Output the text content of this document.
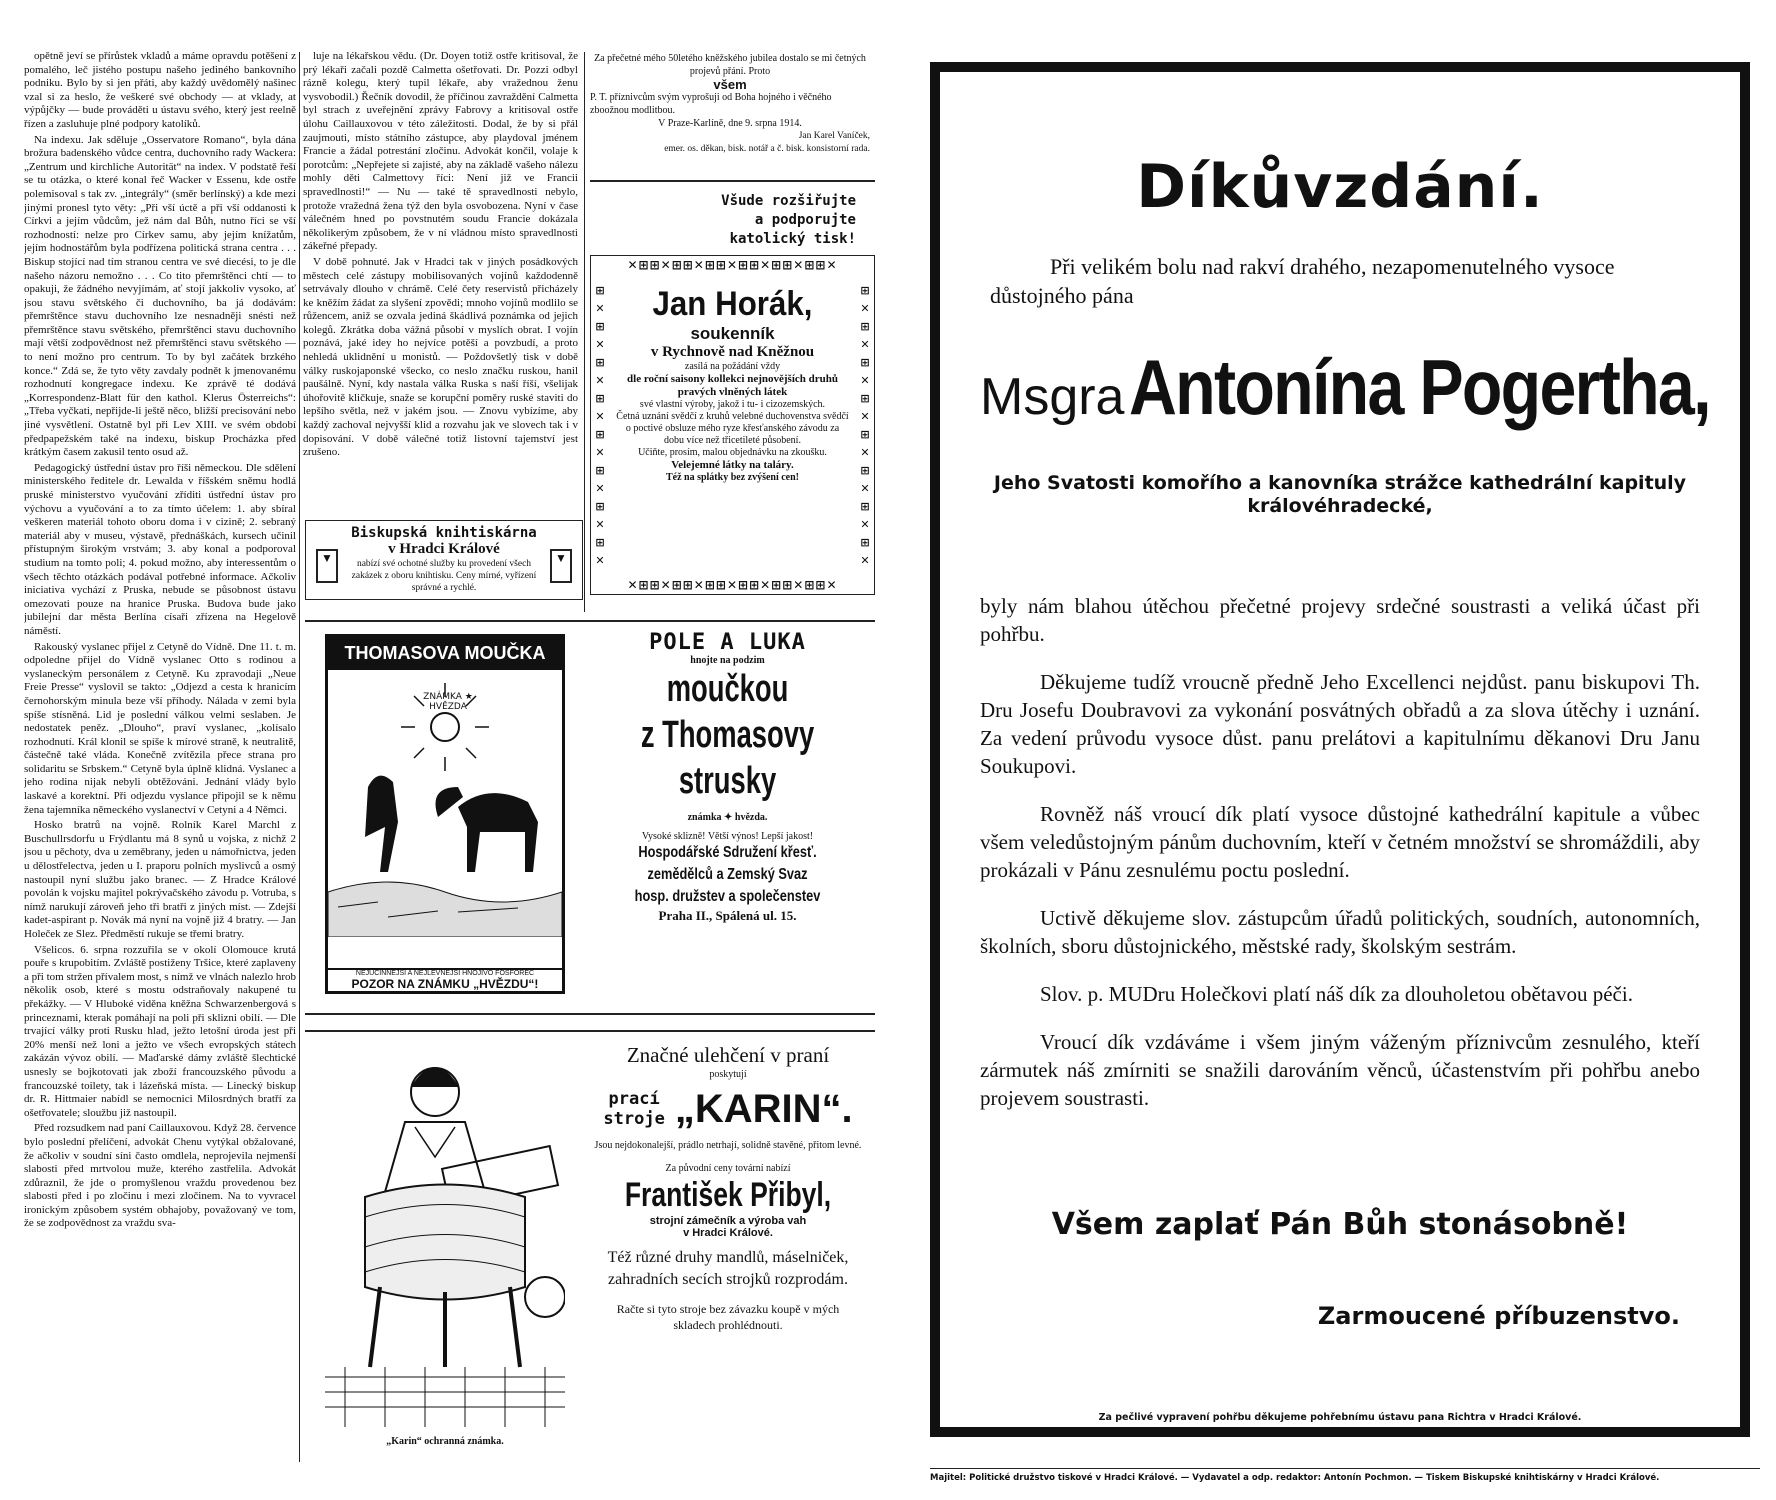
opětně jeví se přírůstek vkladů a máme opravdu potěšení z pomalého, leč jistého postupu našeho jediného bankovního podniku. Bylo by si jen přáti, aby každý uvědomělý našinec vzal si za heslo, že veškeré své obchody — at vklady, at výpůjčky — bude prováděti u ústavu svého, který jest reelně řízen a zasluhuje plné podpory katolíků.

Na indexu. Jak sděluje „Osservatore Romano“, byla dána brožura badenského vůdce centra, duchovního rady Wackera: „Zentrum und kirchliche Autorität“ na index. V podstatě řeší se tu otázka, o které konal řeč Wacker v Essenu, kde ostře polemisoval s tak zv. „integrály“ (směr berlínský) a kde mezi jinými pronesl tyto věty: „Při vší úctě a při vší oddanosti k Církvi a jejím vůdcům, jež nám dal Bůh, nutno říci se vší rozhodností: nelze pro Církev samu, aby jejím knížatům, jejím hodnostářům byla podřízena politická strana centra . . . Biskup stojící nad tím stranou centra ve své diecési, to je dle našeho názoru nemožno . . . Co tito přemrštěnci chtí — to opakuji, že žádného nevyjímám, ať stojí jakkoliv vysoko, ať jsou stavu světského či duchovního, ba já dodávám: přemrštěnce stavu duchovního lze nesnadněji snésti než přemrštěnce stavu světského, přemrštěnci stavu duchovního mají větší zodpovědnost než přemrštěnci stavu světského — to není možno pro centrum. To by byl začátek brzkého konce.“ Zdá se, že tyto věty zavdaly podnět k jmenovanému rozhodnutí kongregace indexu. Ke zprávě té dodává „Korrespondenz-Blatt für den kathol. Klerus Österreichs“: „Třeba vyčkati, nepřijde-li ještě něco, bližší precisování nebo jiné vysvětlení. Ostatně byl při Lev XIII. ve svém období předpapežském také na indexu, biskup Procházka před krátkým časem zakusil tento osud až.

Pedagogický ústřední ústav pro říši německou. Dle sdělení ministerského ředitele dr. Lewalda v říšském sněmu hodlá pruské ministerstvo vyučování zříditi ústřední ústav pro výchovu a vyučování a to za tímto účelem: 1. aby sbíral veškeren materiál tohoto oboru doma i v cizině; 2. sebraný materiál aby v museu, výstavě, přednáškách, kursech učinil přístupným širokým vrstvám; 3. aby konal a podporoval studium na tomto poli; 4. pokud možno, aby interessentům o všech těchto otázkách podával potřebné informace. Ačkoliv iniciativa vychází z Pruska, nebude se působnost ústavu omezovati pouze na hranice Pruska. Budova bude jako jubilejní dar města Berlína císaři zřízena na Hegelově náměstí.

Rakouský vyslanec přijel z Cetyně do Vídně. Dne 11. t. m. odpoledne přijel do Vídně vyslanec Otto s rodinou a vyslaneckým personálem z Cetyně. Ku zpravodaji „Neue Freie Presse“ vyslovil se takto: „Odjezd a cesta k hranicím černohorským minula beze vší příhody. Nálada v zemi byla spíše stísněná. Lid je poslední válkou velmi seslaben. Je nedostatek peněz. „Dlouho“, praví vyslanec, „kolísalo rozhodnutí. Král klonil se spíše k mírové straně, k neutralitě, částečně také vláda. Konečně zvítězila přece strana pro solidaritu se Srbskem.“ Cetyně byla úplně klidná. Vyslanec a jeho rodina nijak nebyli obtěžováni. Jednání vlády bylo laskavé a korektní. Při odjezdu vyslance připojil se k němu žena tajemníka německého vyslanectví v Cetyni a 4 Němci.

Hosko bratrů na vojně. Rolník Karel Marchl z Buschullrsdorfu u Frýdlantu má 8 synů u vojska, z nichž 2 jsou u pěchoty, dva u zeměbrany, jeden u námořnictva, jeden u dělostřelectva, jeden u I. praporu polních myslivců a osmý nastoupil nyní službu jako branec. — Z Hradce Králové povolán k vojsku majitel pokrývačského závodu p. Votruba, s nímž narukují zároveň jeho tři bratři z jiných míst. — Zdejší kadet-aspirant p. Novák má nyní na vojně již 4 bratry. — Jan Holeček ze Slez. Předměstí rukuje se třemi bratry.

Všelicos. 6. srpna rozzuřila se v okolí Olomouce krutá pouře s krupobitím. Zvláště postiženy Tršice, které zaplaveny a při tom stržen přívalem most, s nímž ve vlnách nalezlo hrob několik osob, které s mostu odstraňovaly nakupené tu překážky. — V Hluboké viděna kněžna Schwarzenbergová s princeznami, kterak pomáhají na poli při sklizni obilí. — Dle trvající války proti Rusku hlad, ježto letošní úroda jest při 20% menší než loni a ježto ve všech evropských státech zakázán vývoz obilí. — Maďarské dámy zvláště šlechtické usnesly se bojkotovati jak zboží francouzského původu a francouzské toilety, tak i lázeňská místa. — Linecký biskup dr. R. Hittmaier nabídl se nemocnici Milosrdných bratří za ošetřovatele; sloužbu již nastoupil.

Před rozsudkem nad paní Caillauxovou. Když 28. července bylo poslední přelíčení, advokát Chenu vytýkal obžalované, že ačkoliv v soudní síni často omdlela, neprojevila nejmenší slabosti před mrtvolou muže, kterého zastřelila. Advokát zdůraznil, že jde o promyšlenou vraždu provedenou bez slabosti před i po zločinu i mezi zločinem. Na to vyvracel ironickým způsobem systém obhajoby, považovaný ve tom, že se zodpovědnost za vraždu sva-

luje na lékařskou vědu. (Dr. Doyen totiž ostře kritisoval, že prý lékaři začali pozdě Calmetta ošetřovati. Dr. Pozzi odbyl rázně kolegu, který tupil lékaře, aby vražednou ženu vysvobodil.) Řečník dovodil, že příčinou zavraždění Calmetta byl strach z uveřejnění zprávy Fabrovy a kritisoval ostře úlohu Caillauxovou v této záležitosti. Dodal, že by si přál zaujmouti, místo státního zástupce, aby playdoval jménem Francie a žádal potrestání zločinu. Advokát končil, volaje k porotcům: „Nepřejete si zajisté, aby na základě vašeho nálezu mohly děti Calmettovy říci: Není již ve Francii spravedlnosti!“ — Nu — také tě spravedlnosti nebylo, protože vražedná žena týž den byla osvobozena. Nyní v čase válečném hned po povstnutém soudu Francie dokázala několikerým způsobem, že v ní vládnou místo spravedlnosti zákeřné přepady.

V době pohnuté. Jak v Hradci tak v jiných posádkových městech celé zástupy mobilisovaných vojínů každodenně setrvávaly dlouho v chrámě. Celé čety reservistů přicházely ke kněžím žádat za slyšení zpovědi; mnoho vojínů modlilo se růžencem, aniž se ozvala jediná škádlivá poznámka od jejich kolegů. Zkrátka doba vážná působí v myslích obrat. I vojín poznává, jaké idey ho nejvíce potěší a povzbudí, a proto nehledá uklidnění u monistů. — Poždovšetlý tisk v době války ruskojaponské všecko, co neslo značku ruskou, hanil paušálně. Nyní, kdy nastala válka Ruska s naší říší, všelijak úhořovitě kličkuje, snaže se korupční poměry ruské staviti do lepšího světla, než v jakém jsou. — Znovu vybízíme, aby každý zachoval nejvyšší klid a rozvahu jak ve slovech tak i v dopisování. V době válečné totiž listovní tajemství jest zrušeno.

Za přečetné mého 50letého kněžského jubilea dostalo se mi četných projevů přání. Proto
všem
P. T. příznivcům svým vyprošuji od Boha hojného i věčného zboožnou modlitbou.
V Praze-Karlíně, dne 9. srpna 1914.
Jan Karel Vaníček,
emer. os. děkan, bisk. notář a č. bisk. konsistorní rada.
Všude rozšiřujte
a podporujte
katolický tisk!
✕⊞⊞✕⊞⊞✕⊞⊞✕⊞⊞✕⊞⊞✕⊞⊞✕
⊞ ✕ ⊞ ✕ ⊞ ✕ ⊞ ✕ ⊞ ✕ ⊞ ✕ ⊞ ✕ ⊞ ✕
⊞ ✕ ⊞ ✕ ⊞ ✕ ⊞ ✕ ⊞ ✕ ⊞ ✕ ⊞ ✕ ⊞ ✕
Jan Horák,
soukenník
v Rychnově nad Kněžnou
zasílá na požádání vždy
dle roční saisony kollekci nejnovějších druhů pravých vlněných látek
své vlastní výroby, jakož i tu- i cizozemských.
Četná uznání svědčí z kruhů velebné duchovenstva svědčí o poctivé obsluze mého ryze křesťanského závodu za dobu více než třicetileté působení.
Učiňte, prosím, malou objednávku na zkoušku.
Velejemné látky na taláry.
Též na splátky bez zvýšení cen!
✕⊞⊞✕⊞⊞✕⊞⊞✕⊞⊞✕⊞⊞✕⊞⊞✕
Biskupská knihtiskárna
v Hradci Králové
nabízí své ochotné služby ku provedení všech zakázek z oboru knihtisku. Ceny mírné, vyřízení správné a rychlé.
▼
▼
THOMASOVA MOUČKA
ZNÁMKA ★ HVĚZDA
NEJÚČINNĚJŠÍ A NEJLEVNĚJŠÍ HNOJIVO FOSFOREČ
POZOR NA ZNÁMKU „HVĚZDU“!
POLE A LUKA
hnojte na podzim
moučkou
z Thomasovy
strusky
známka ✦ hvězda.
Vysoké sklizně! Větší výnos! Lepší jakost!
Hospodářské Sdružení křesť.
zemědělců a Zemský Svaz
hosp. družstev a společenstev
Praha II., Spálená ul. 15.
„Karin“ ochranná známka.
Značné ulehčení v praní
poskytují
prací
stroje „KARIN“.
Jsou nejdokonalejší, prádlo netrhají, solidně stavěné, přitom levné.
Za původní ceny tovární nabízí
František Přibyl,
strojní zámečník a výroba vah
v Hradci Králové.
Též různé druhy mandlů, máselniček, zahradních secích strojků rozprodám.
Račte si tyto stroje bez závazku koupě v mých skladech prohlédnouti.
·̄ · ̄̄
Díkůvzdání.
Při velikém bolu nad rakví drahého, nezapomenutelného vysoce důstojného pána
Msgra Antonína Pogertha,
Jeho Svatosti komořího a kanovníka strážce kathedrální kapituly královéhradecké,

byly nám blahou útěchou přečetné projevy srdečné soustrasti a veliká účast při pohřbu.

Děkujeme tudíž vroucně předně Jeho Excellenci nejdůst. panu biskupovi Th. Dru Josefu Doubravovi za vykonání posvátných obřadů a za slova útěchy i uznání. Za vedení průvodu vysoce důst. panu prelátovi a kapitulnímu děkanovi Dru Janu Soukupovi.

Rovněž náš vroucí dík platí vysoce důstojné kathedrální kapitule a vůbec všem veledůstojným pánům duchovním, kteří v četném množství se shromáždili, aby prokázali v Pánu zesnulému poctu poslední.

Uctivě děkujeme slov. zástupcům úřadů politických, soudních, autonomních, školních, sboru důstojnického, městské rady, školským sestrám.

Slov. p. MUDru Holečkovi platí náš dík za dlouholetou obětavou péči.

Vroucí dík vzdáváme i všem jiným váženým příznivcům zesnulého, kteří zármutek náš zmírniti se snažili darováním věnců, účastenstvím při pohřbu anebo projevem soustrasti.

Všem zaplať Pán Bůh stonásobně!
Zarmoucené příbuzenstvo.
Za pečlivé vypravení pohřbu děkujeme pohřebnímu ústavu pana Richtra v Hradci Králové.
Majitel: Politické družstvo tiskové v Hradci Králové. — Vydavatel a odp. redaktor: Antonín Pochmon. — Tiskem Biskupské knihtiskárny v Hradci Králové.
